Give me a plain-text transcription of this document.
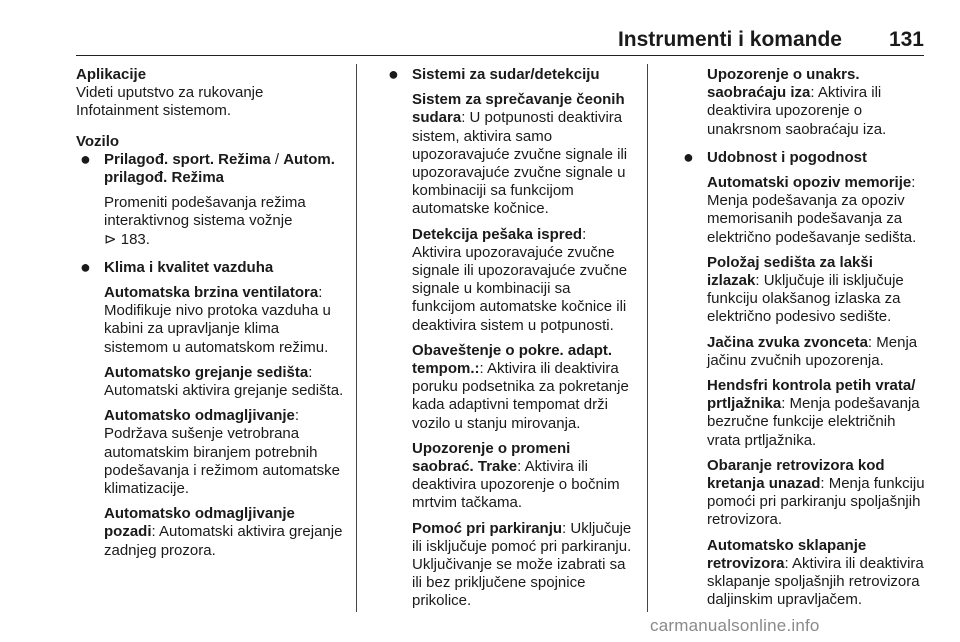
Instrumenti i komande 131

Aplikacije

Videti uputstvo za rukovanje Infotainment sistemom.

Vozilo

● Prilagođ. sport. Režima / Autom. prilagođ. Režima

Promeniti podešavanja režima interaktivnog sistema vožnje
⊳ 183.

● Klima i kvalitet vazduha

Automatska brzina ventilatora: Modifikuje nivo protoka vazduha u kabini za upravljanje klima sistemom u automatskom režimu.

Automatsko grejanje sedišta: Automatski aktivira grejanje sedišta.

Automatsko odmagljivanje: Podržava sušenje vetrobrana automatskim biranjem potrebnih podešavanja i režimom automatske klimatizacije.

Automatsko odmagljivanje pozadi: Automatski aktivira grejanje zadnjeg prozora.

● Sistemi za sudar/detekciju

Sistem za sprečavanje čeonih sudara: U potpunosti deaktivira sistem, aktivira samo upozoravajuće zvučne signale ili upozoravajuće zvučne signale u kombinaciji sa funkcijom automatske kočnice.

Detekcija pešaka ispred: Aktivira upozoravajuće zvučne signale ili upozoravajuće zvučne signale u kombinaciji sa funkcijom automatske kočnice ili deaktivira sistem u potpunosti.

Obaveštenje o pokre. adapt. tempom.:: Aktivira ili deaktivira poruku podsetnika za pokretanje kada adaptivni tempomat drži vozilo u stanju mirovanja.

Upozorenje o promeni saobrać. Trake: Aktivira ili deaktivira upozorenje o bočnim mrtvim tačkama.

Pomoć pri parkiranju: Uključuje ili isključuje pomoć pri parkiranju. Uključivanje se može izabrati sa ili bez priključene spojnice prikolice.

Upozorenje o unakrs. saobraćaju iza: Aktivira ili deaktivira upozorenje o unakrsnom saobraćaju iza.

● Udobnost i pogodnost

Automatski opoziv memorije: Menja podešavanja za opoziv memorisanih podešavanja za električno podešavanje sedišta.

Položaj sedišta za lakši izlazak: Uključuje ili isključuje funkciju olakšanog izlaska za električno podesivo sedište.

Jačina zvuka zvonceta: Menja jačinu zvučnih upozorenja.

Hendsfri kontrola petih vrata/ prtljažnika: Menja podešavanja bezručne funkcije električnih vrata prtljažnika.

Obaranje retrovizora kod kretanja unazad: Menja funkciju pomoći pri parkiranju spoljašnjih retrovizora.

Automatsko sklapanje retrovizora: Aktivira ili deaktivira sklapanje spoljašnjih retrovizora daljinskim upravljačem.

carmanualsonline.info
